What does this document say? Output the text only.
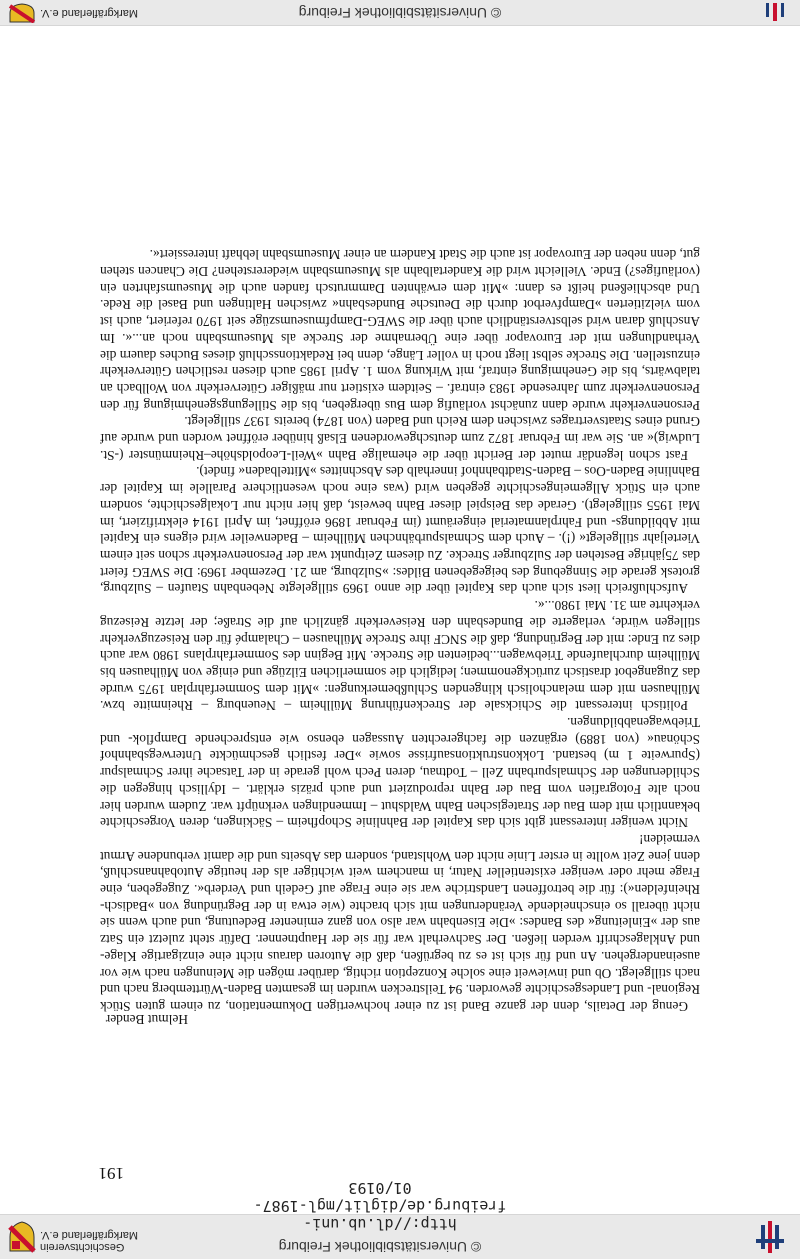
© Universitätsbibliothek Freiburg
http://dl.ub.uni-freiburg.de/diglit/mgl-1987-01/0193
Geschichtsverein Markgräflerland e.V.
191
Helmut Bender

Genug der Details, denn der ganze Band ist zu einer hochwertigen Dokumentation, zu einem guten Stück Regional- und Landesgeschichte geworden. 94 Teilstrecken wurden im gesamten Baden-Württemberg nach und nach stillgelegt. Ob und inwieweit eine solche Konzeption richtig, darüber mögen die Meinungen nach wie vor auseinandergehen. An und für sich ist es zu begrüßen, daß die Autoren daraus nicht eine einzigartige Klage- und Anklageschrift werden ließen. Der Sachverhalt war für sie der Hauptnenner. Dafür steht zuletzt ein Satz aus der »Einleitung« des Bandes: »Die Eisenbahn war also von ganz eminenter Bedeutung, und auch wenn sie nicht überall so einschneidende Veränderungen mit sich brachte (wie etwa in der Begründung von »Badisch-Rheinfelden«): für die betroffenen Landstriche war sie eine Frage auf Gedeih und Verderb«. Zugegeben, eine Frage mehr oder weniger existentieller Natur, in manchem weit wichtiger als der heutige Autobahnanschluß, denn jene Zeit wollte in erster Linie nicht den Wohlstand, sondern das Abseits und die damit verbundene Armut vermeiden!

Nicht weniger interessant gibt sich das Kapitel der Bahnlinie Schopfheim – Säckingen, deren Vorgeschichte bekanntlich mit dem Bau der Strategischen Bahn Waldshut – Immendingen verknüpft war. Zudem wurden hier noch alte Fotografien vom Bau der Bahn reproduziert und auch präzis erklärt. – Idyllisch hingegen die Schilderungen der Schmalspurbahn Zell – Todtnau, deren Pech wohl gerade in der Tatsache ihrer Schmalspur (Spurweite 1 m) bestand. Lokkonstruktionsaufrisse sowie »Der festlich geschmückte Unterwegsbahnhof Schönau« (von 1889) ergänzen die fachgerechten Aussagen ebenso wie entsprechende Dampflok- und Triebwagenabbildungen.

Politisch interessant die Schicksale der Streckenführung Müllheim – Neuenburg – Rheinmitte bzw. Mülhausen mit dem melancholisch klingenden Schlußbemerkungen: »Mit dem Sommerfahrplan 1975 wurde das Zugangebot drastisch zurückgenommen; lediglich die sommerlichen Eilzüge und einige von Mülhausen bis Müllheim durchlaufende Triebwagen...bedienten die Strecke. Mit Beginn des Sommerfahrplans 1980 war auch dies zu Ende: mit der Begründung, daß die SNCF ihre Strecke Mülhausen – Chalampé für den Reisezugverkehr stillegen würde, verlagerte die Bundesbahn den Reiseverkehr gänzlich auf die Straße; der letzte Reisezug verkehrte am 31. Mai 1980...«.

Aufschlußreich liest sich auch das Kapitel über die anno 1969 stillgelegte Nebenbahn Staufen – Sulzburg, grotesk gerade die Sinngebung des beigegebenen Bildes: »Sulzburg, am 21. Dezember 1969: Die SWEG feiert das 75jährige Bestehen der Sulzburger Strecke. Zu diesem Zeitpunkt war der Personenverkehr schon seit einem Vierteljahr stillgelegt« (!). – Auch dem Schmalspurbähnchen Müllheim – Badenweiler wird eigens ein Kapitel mit Abbildungs- und Fahrplanmaterial eingeräumt (im Februar 1896 eröffnet, im April 1914 elektrifiziert, im Mai 1955 stillgelegt). Gerade das Beispiel dieser Bahn beweist, daß hier nicht nur Lokalgeschichte, sondern auch ein Stück Allgemeingeschichte gegeben wird (was eine noch wesentlichere Parallele im Kapitel der Bahnlinie Baden-Oos – Baden-Stadtbahnhof innerhalb des Abschnittes »Mittelbaden« findet).

Fast schon legendär mutet der Bericht über die ehemalige Bahn »Weil-Leopoldshöhe–Rheinmünster (-St. Ludwig)« an. Sie war im Februar 1872 zum deutschgewordenen Elsaß hinüber eröffnet worden und wurde auf Grund eines Staatsvertrages zwischen dem Reich und Baden (von 1874) bereits 1937 stillgelegt.

Personenverkehr wurde dann zunächst vorläufig dem Bus übergeben, bis die Stillegungsgenehmigung für den Personenverkehr zum Jahresende 1983 eintraf. – Seitdem existiert nur mäßiger Güterverkehr von Wollbach an talabwärts, bis die Genehmigung eintraf, mit Wirkung vom 1. April 1985 auch diesen restlichen Güterverkehr einzustellen. Die Strecke selbst liegt noch in voller Länge, denn bei Redaktionsschluß dieses Buches dauern die Verhandlungen mit der Eurovapor über eine Übernahme der Strecke als Museumsbahn noch an...«. Im Anschluß daran wird selbstverständlich auch über die SWEG-Dampfmuseumszüge seit 1970 referiert, auch ist vom vielzitierten »Dampfverbot durch die Deutsche Bundesbahn« zwischen Haltingen und Basel die Rede. Und abschließend heißt es dann: »Mit dem erwähnten Dammrutsch fanden auch die Museumsfahrten ein (vorläufiges?) Ende. Vielleicht wird die Kandertalbahn als Museumsbahn wiedererstehen? Die Chancen stehen gut, denn neben der Eurovapor ist auch die Stadt Kandern an einer Museumsbahn lebhaft interessiert«.

© Universitätsbibliothek Freiburg
Markgräflerland e.V.
